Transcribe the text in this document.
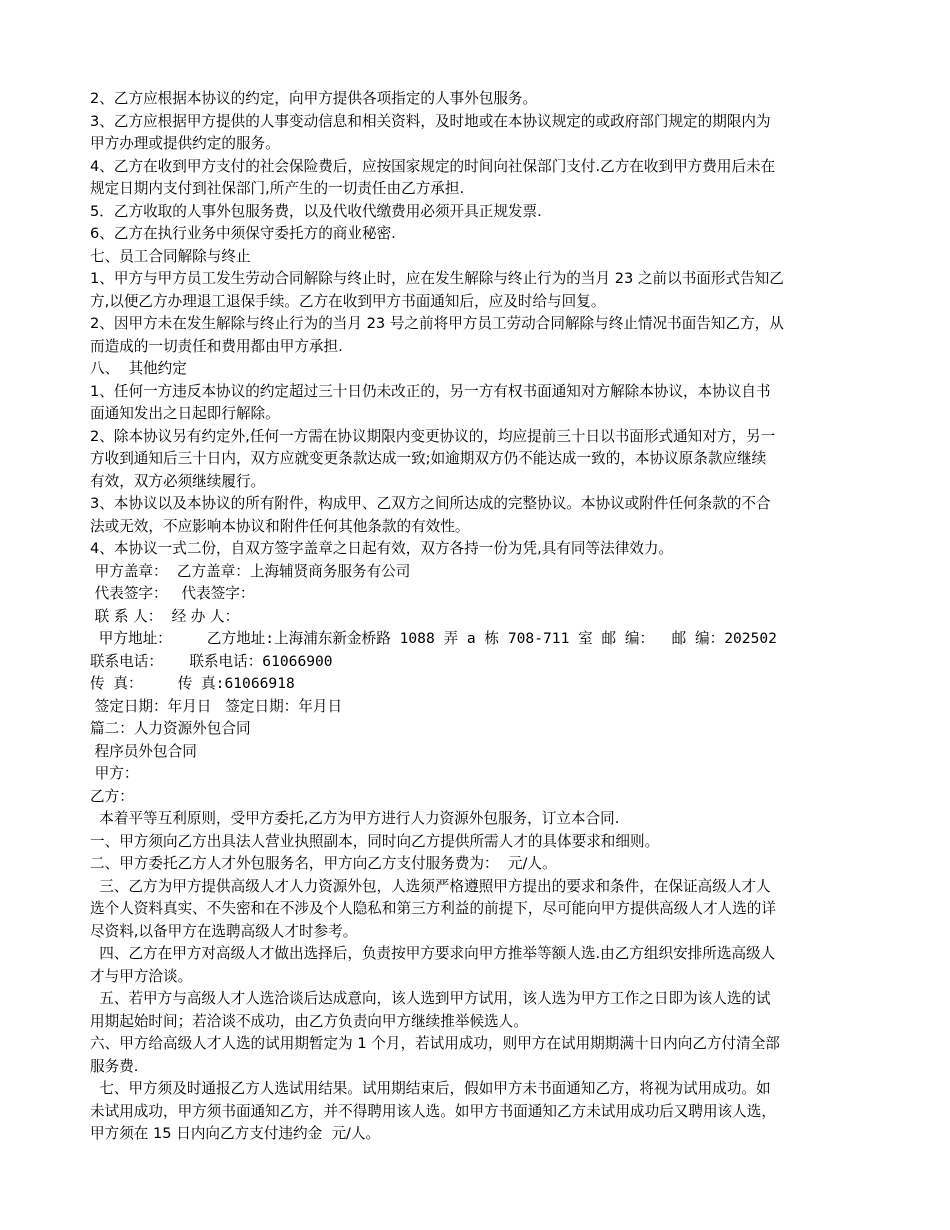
2、乙方应根据本协议的约定，向甲方提供各项指定的人事外包服务。

3、乙方应根据甲方提供的人事变动信息和相关资料，及时地或在本协议规定的或政府部门规定的期限内为

甲方办理或提供约定的服务。

4、乙方在收到甲方支付的社会保险费后，应按国家规定的时间向社保部门支付.乙方在收到甲方费用后未在

规定日期内支付到社保部门,所产生的一切责任由乙方承担.

5．乙方收取的人事外包服务费，以及代收代缴费用必须开具正规发票.

6、乙方在执行业务中须保守委托方的商业秘密.

七、员工合同解除与终止

1、甲方与甲方员工发生劳动合同解除与终止时，应在发生解除与终止行为的当月 23 之前以书面形式告知乙

方,以便乙方办理退工退保手续。乙方在收到甲方书面通知后，应及时给与回复。

2、因甲方未在发生解除与终止行为的当月 23 号之前将甲方员工劳动合同解除与终止情况书面告知乙方，从

而造成的一切责任和费用都由甲方承担.

八、  其他约定

1、任何一方违反本协议的约定超过三十日仍未改正的，另一方有权书面通知对方解除本协议，本协议自书

面通知发出之日起即行解除。

2、除本协议另有约定外,任何一方需在协议期限内变更协议的，均应提前三十日以书面形式通知对方，另一

方收到通知后三十日内，双方应就变更条款达成一致;如逾期双方仍不能达成一致的，本协议原条款应继续

有效，双方必须继续履行。

3、本协议以及本协议的所有附件，构成甲、乙双方之间所达成的完整协议。本协议或附件任何条款的不合

法或无效，不应影响本协议和附件任何其他条款的有效性。

4、本协议一式二份，自双方签字盖章之日起有效，双方各持一份为凭,具有同等法律效力。

甲方盖章：  乙方盖章：上海辅贤商务服务有公司

代表签字：   代表签字：

联 系 人：  经 办 人：

甲方地址：    乙方地址:上海浦东新金桥路 1088 弄 a 栋 708-711 室 邮 编：  邮 编：202502

联系电话：   联系电话：61066900

传 真：    传 真:61066918

签定日期：年月日   签定日期：年月日

篇二：人力资源外包合同

程序员外包合同

甲方：

乙方：

本着平等互利原则，受甲方委托,乙方为甲方进行人力资源外包服务，订立本合同.

一、甲方须向乙方出具法人营业执照副本，同时向乙方提供所需人才的具体要求和细则。

二、甲方委托乙方人才外包服务名，甲方向乙方支付服务费为：  元/人。

三、乙方为甲方提供高级人才人力资源外包，人选须严格遵照甲方提出的要求和条件，在保证高级人才人

选个人资料真实、不失密和在不涉及个人隐私和第三方利益的前提下，尽可能向甲方提供高级人才人选的详

尽资料,以备甲方在选聘高级人才时参考。

四、乙方在甲方对高级人才做出选择后，负责按甲方要求向甲方推举等额人选.由乙方组织安排所选高级人

才与甲方洽谈。

五、若甲方与高级人才人选洽谈后达成意向，该人选到甲方试用，该人选为甲方工作之日即为该人选的试

用期起始时间；若洽谈不成功，由乙方负责向甲方继续推举候选人。

六、甲方给高级人才人选的试用期暂定为 1 个月，若试用成功，则甲方在试用期期满十日内向乙方付清全部

服务费.

七、甲方须及时通报乙方人选试用结果。试用期结束后，假如甲方未书面通知乙方，将视为试用成功。如

未试用成功，甲方须书面通知乙方，并不得聘用该人选。如甲方书面通知乙方未试用成功后又聘用该人选，

甲方须在 15 日内向乙方支付违约金  元/人。
